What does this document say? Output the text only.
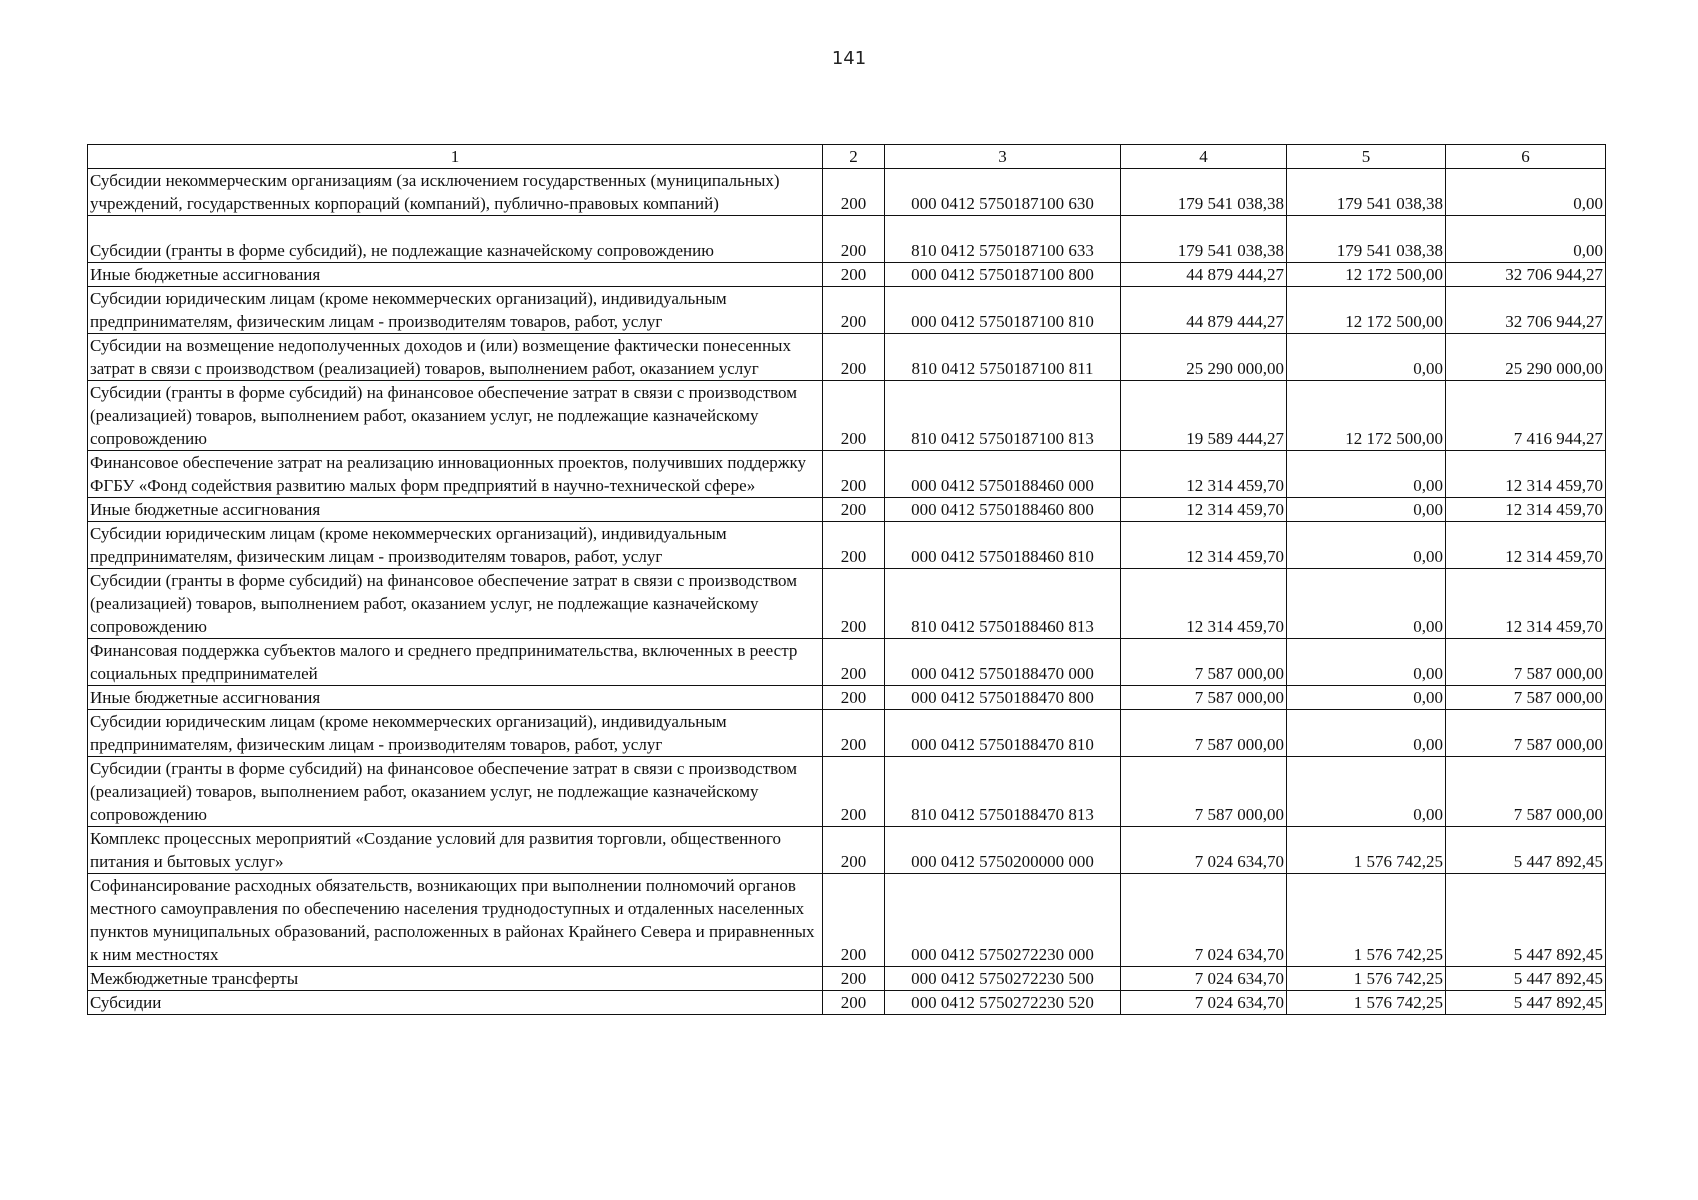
141
1	2	3	4	5	6
Субсидии некоммерческим организациям (за исключением государственных (муниципальных) учреждений, государственных корпораций (компаний), публично-правовых компаний)	200	000 0412 5750187100 630	179 541 038,38	179 541 038,38	0,00
Субсидии (гранты в форме субсидий), не подлежащие казначейскому сопровождению	200	810 0412 5750187100 633	179 541 038,38	179 541 038,38	0,00
Иные бюджетные ассигнования	200	000 0412 5750187100 800	44 879 444,27	12 172 500,00	32 706 944,27
Субсидии юридическим лицам (кроме некоммерческих организаций), индивидуальным предпринимателям, физическим лицам - производителям товаров, работ, услуг	200	000 0412 5750187100 810	44 879 444,27	12 172 500,00	32 706 944,27
Субсидии на возмещение недополученных доходов и (или) возмещение фактически понесенных затрат в связи с производством (реализацией) товаров, выполнением работ, оказанием услуг	200	810 0412 5750187100 811	25 290 000,00	0,00	25 290 000,00
Субсидии (гранты в форме субсидий) на финансовое обеспечение затрат в связи с производством (реализацией) товаров, выполнением работ, оказанием услуг, не подлежащие казначейскому сопровождению	200	810 0412 5750187100 813	19 589 444,27	12 172 500,00	7 416 944,27
Финансовое обеспечение затрат на реализацию инновационных проектов, получивших поддержку ФГБУ «Фонд содействия развитию малых форм предприятий в научно-технической сфере»	200	000 0412 5750188460 000	12 314 459,70	0,00	12 314 459,70
Иные бюджетные ассигнования	200	000 0412 5750188460 800	12 314 459,70	0,00	12 314 459,70
Субсидии юридическим лицам (кроме некоммерческих организаций), индивидуальным предпринимателям, физическим лицам - производителям товаров, работ, услуг	200	000 0412 5750188460 810	12 314 459,70	0,00	12 314 459,70
Субсидии (гранты в форме субсидий) на финансовое обеспечение затрат в связи с производством (реализацией) товаров, выполнением работ, оказанием услуг, не подлежащие казначейскому сопровождению	200	810 0412 5750188460 813	12 314 459,70	0,00	12 314 459,70
Финансовая поддержка субъектов малого и среднего предпринимательства, включенных в реестр социальных предпринимателей	200	000 0412 5750188470 000	7 587 000,00	0,00	7 587 000,00
Иные бюджетные ассигнования	200	000 0412 5750188470 800	7 587 000,00	0,00	7 587 000,00
Субсидии юридическим лицам (кроме некоммерческих организаций), индивидуальным предпринимателям, физическим лицам - производителям товаров, работ, услуг	200	000 0412 5750188470 810	7 587 000,00	0,00	7 587 000,00
Субсидии (гранты в форме субсидий) на финансовое обеспечение затрат в связи с производством (реализацией) товаров, выполнением работ, оказанием услуг, не подлежащие казначейскому сопровождению	200	810 0412 5750188470 813	7 587 000,00	0,00	7 587 000,00
Комплекс процессных мероприятий «Создание условий для развития торговли, общественного питания и бытовых услуг»	200	000 0412 5750200000 000	7 024 634,70	1 576 742,25	5 447 892,45
Софинансирование расходных обязательств, возникающих при выполнении полномочий органов местного самоуправления по обеспечению населения труднодоступных и отдаленных населенных пунктов муниципальных образований, расположенных в районах Крайнего Севера и приравненных к ним местностях	200	000 0412 5750272230 000	7 024 634,70	1 576 742,25	5 447 892,45
Межбюджетные трансферты	200	000 0412 5750272230 500	7 024 634,70	1 576 742,25	5 447 892,45
Субсидии	200	000 0412 5750272230 520	7 024 634,70	1 576 742,25	5 447 892,45
